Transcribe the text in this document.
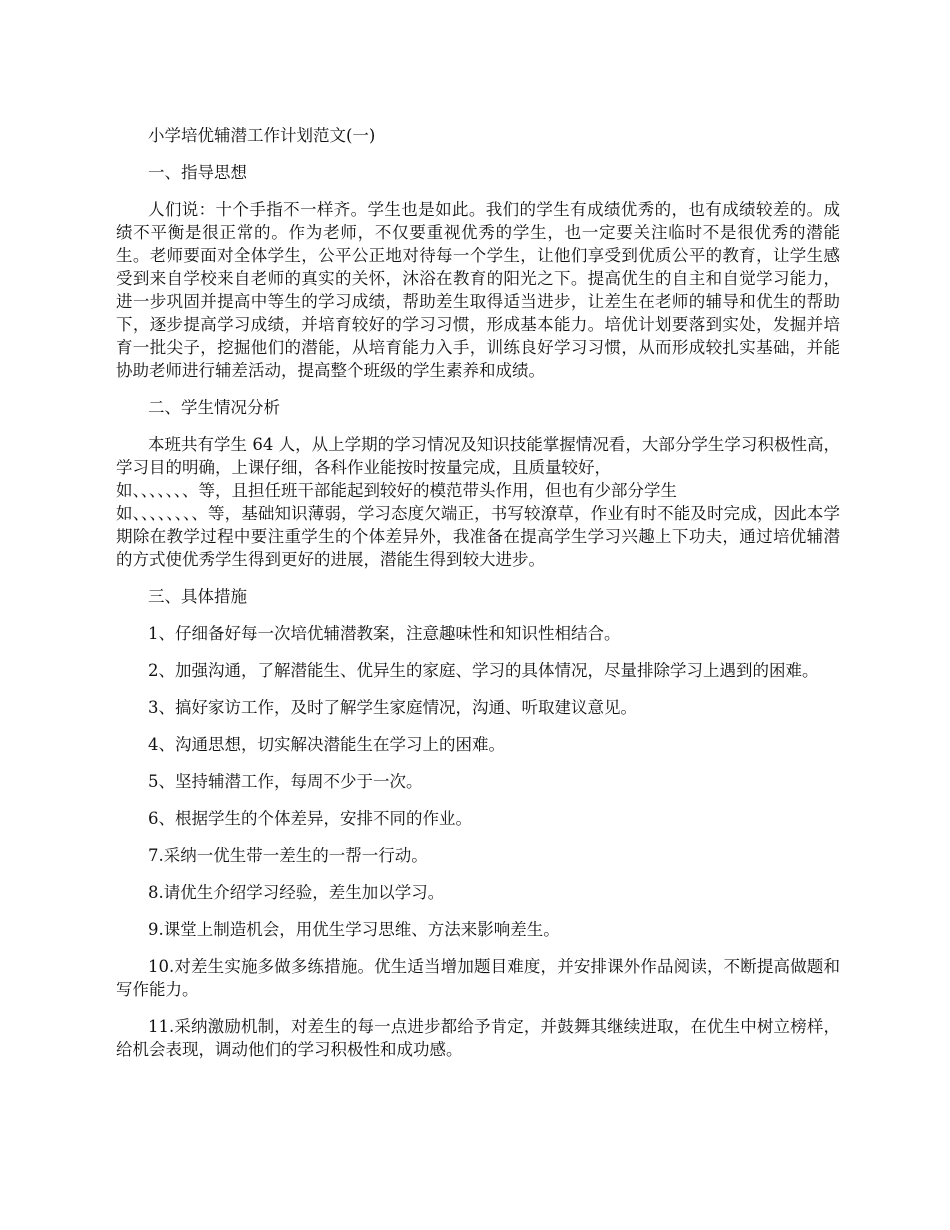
小学培优辅潜工作计划范文(一)

一、指导思想

人们说：十个手指不一样齐。学生也是如此。我们的学生有成绩优秀的，也有成绩较差的。成绩不平衡是很正常的。作为老师，不仅要重视优秀的学生，也一定要关注临时不是很优秀的潜能生。老师要面对全体学生，公平公正地对待每一个学生，让他们享受到优质公平的教育，让学生感受到来自学校来自老师的真实的关怀，沐浴在教育的阳光之下。提高优生的自主和自觉学习能力，进一步巩固并提高中等生的学习成绩，帮助差生取得适当进步，让差生在老师的辅导和优生的帮助下，逐步提高学习成绩，并培育较好的学习习惯，形成基本能力。培优计划要落到实处，发掘并培育一批尖子，挖掘他们的潜能，从培育能力入手，训练良好学习习惯，从而形成较扎实基础，并能协助老师进行辅差活动，提高整个班级的学生素养和成绩。

二、学生情况分析

本班共有学生 64 人，从上学期的学习情况及知识技能掌握情况看，大部分学生学习积极性高，学习目的明确，上课仔细，各科作业能按时按量完成，且质量较好，
如、、、、、、、等，且担任班干部能起到较好的模范带头作用，但也有少部分学生
如、、、、、、、、等，基础知识薄弱，学习态度欠端正，书写较潦草，作业有时不能及时完成，因此本学期除在教学过程中要注重学生的个体差异外，我准备在提高学生学习兴趣上下功夫，通过培优辅潜的方式使优秀学生得到更好的进展，潜能生得到较大进步。

三、具体措施

1、仔细备好每一次培优辅潜教案，注意趣味性和知识性相结合。

2、加强沟通，了解潜能生、优异生的家庭、学习的具体情况，尽量排除学习上遇到的困难。

3、搞好家访工作，及时了解学生家庭情况，沟通、听取建议意见。

4、沟通思想，切实解决潜能生在学习上的困难。

5、坚持辅潜工作，每周不少于一次。

6、根据学生的个体差异，安排不同的作业。

7.采纳一优生带一差生的一帮一行动。

8.请优生介绍学习经验，差生加以学习。

9.课堂上制造机会，用优生学习思维、方法来影响差生。

10.对差生实施多做多练措施。优生适当增加题目难度，并安排课外作品阅读，不断提高做题和写作能力。

11.采纳激励机制，对差生的每一点进步都给予肯定，并鼓舞其继续进取，在优生中树立榜样，给机会表现，调动他们的学习积极性和成功感。
